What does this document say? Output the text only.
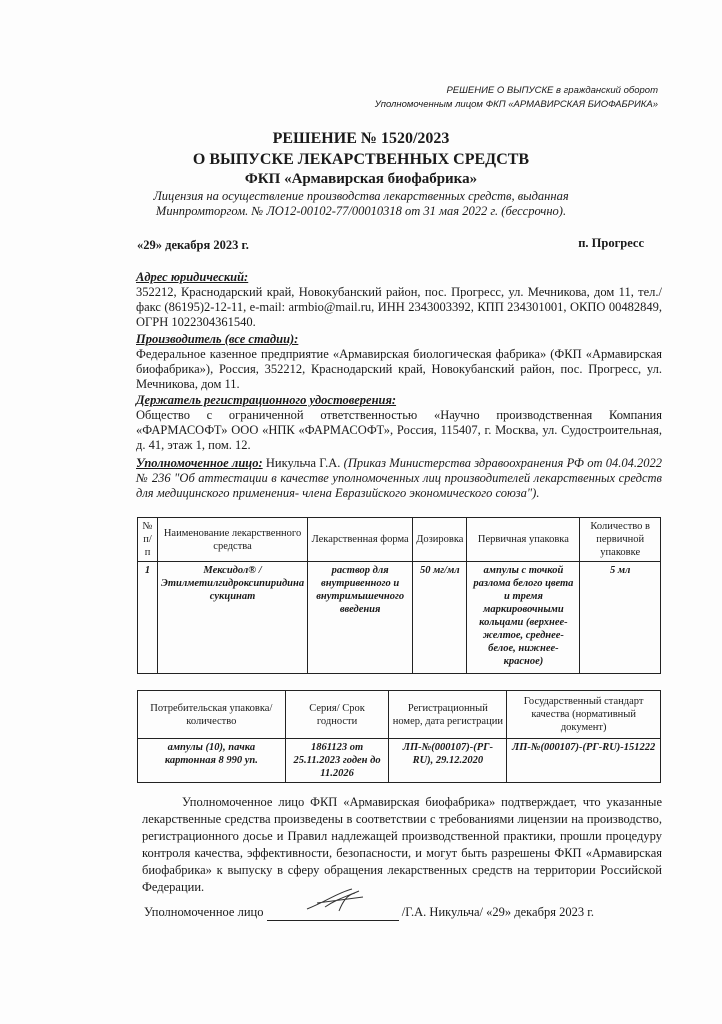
РЕШЕНИЕ О ВЫПУСКЕ в гражданский оборот
Уполномоченным лицом ФКП «АРМАВИРСКАЯ БИОФАБРИКА»
РЕШЕНИЕ № 1520/2023
О ВЫПУСКЕ ЛЕКАРСТВЕННЫХ СРЕДСТВ
ФКП «Армавирская биофабрика»
Лицензия на осуществление производства лекарственных средств, выданная
Минпромторгом. № ЛО12-00102-77/00010318 от 31 мая 2022 г. (бессрочно).
«29» декабря 2023 г.	п. Прогресс
Адрес юридический:
352212, Краснодарский край, Новокубанский район, пос. Прогресс, ул. Мечникова, дом 11, тел./факс (86195)2-12-11, e-mail: armbio@mail.ru, ИНН 2343003392, КПП 234301001, ОКПО 00482849, ОГРН 1022304361540.
Производитель (все стадии):
Федеральное казенное предприятие «Армавирская биологическая фабрика» (ФКП «Армавирская биофабрика»), Россия, 352212, Краснодарский край, Новокубанский район, пос. Прогресс, ул. Мечникова, дом 11.
Держатель регистрационного удостоверения:
Общество с ограниченной ответственностью «Научно производственная Компания «ФАРМАСОФТ» ООО «НПК «ФАРМАСОФТ», Россия, 115407, г. Москва, ул. Судостроительная, д. 41, этаж 1, пом. 12.
Уполномоченное лицо: Никульча Г.А. (Приказ Министерства здравоохранения РФ от 04.04.2022 № 236 "Об аттестации в качестве уполномоченных лиц производителей лекарственных средств для медицинского применения- члена Евразийского экономического союза").
№ п/п	Наименование лекарственного средства	Лекарственная форма	Дозировка	Первичная упаковка	Количество в первичной упаковке
1	Мексидол® / Этилметилгидроксипиридина сукцинат	раствор для внутривенного и внутримышечного введения	50 мг/мл	ампулы с точкой разлома белого цвета и тремя маркировочными кольцами (верхнее- желтое, среднее- белое, нижнее- красное)	5 мл
Потребительская упаковка/количество	Серия/ Срок годности	Регистрационный номер, дата регистрации	Государственный стандарт качества (нормативный документ)
ампулы (10), пачка картонная 8 990 уп.	1861123 от 25.11.2023 годен до 11.2026	ЛП-№(000107)-(РГ-RU), 29.12.2020	ЛП-№(000107)-(РГ-RU)-151222
Уполномоченное лицо ФКП «Армавирская биофабрика» подтверждает, что указанные лекарственные средства произведены в соответствии с требованиями лицензии на производство, регистрационного досье и Правил надлежащей производственной практики, прошли процедуру контроля качества, эффективности, безопасности, и могут быть разрешены ФКП «Армавирская биофабрика» к выпуску в сферу обращения лекарственных средств на территории Российской Федерации.
Уполномоченное лицо	/Г.А. Никульча/ «29» декабря 2023 г.
